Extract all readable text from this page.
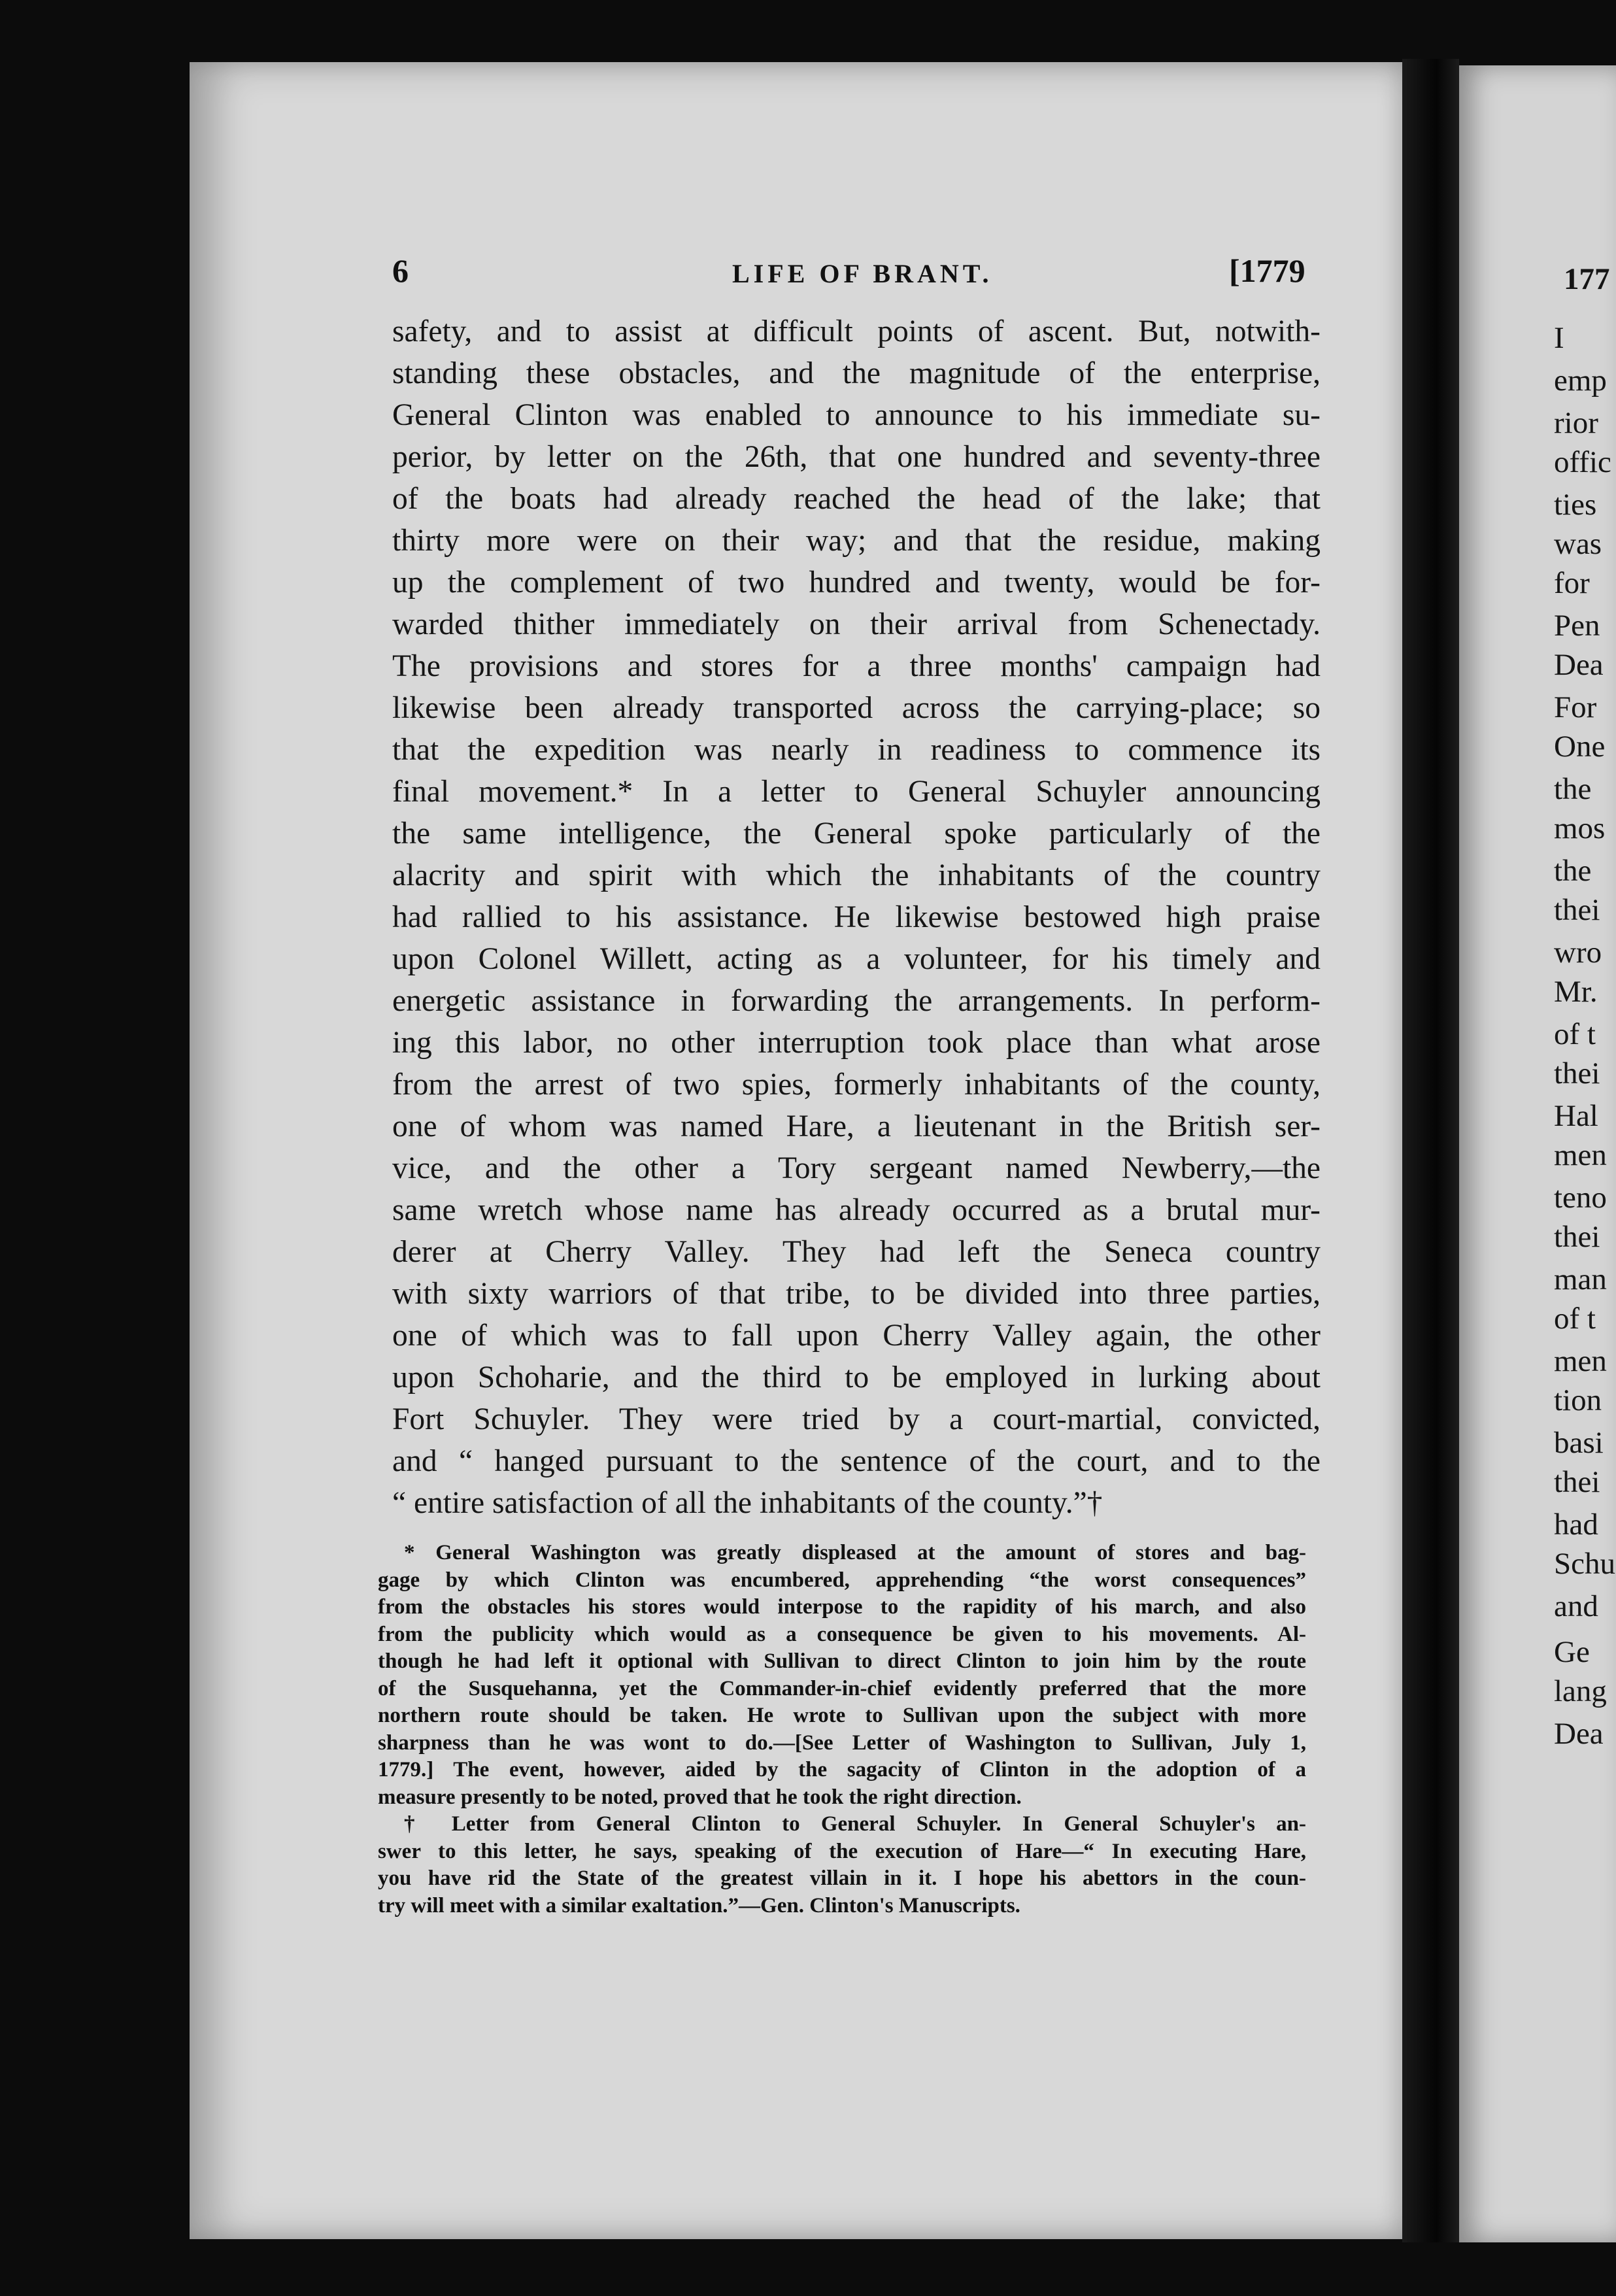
6	LIFE OF BRANT.	[1779
safety, and to assist at difficult points of ascent. But, notwith-
standing these obstacles, and the magnitude of the enterprise,
General Clinton was enabled to announce to his immediate su-
perior, by letter on the 26th, that one hundred and seventy-three
of the boats had already reached the head of the lake; that
thirty more were on their way; and that the residue, making
up the complement of two hundred and twenty, would be for-
warded thither immediately on their arrival from Schenectady.
The provisions and stores for a three months' campaign had
likewise been already transported across the carrying-place; so
that the expedition was nearly in readiness to commence its
final movement.* In a letter to General Schuyler announcing
the same intelligence, the General spoke particularly of the
alacrity and spirit with which the inhabitants of the country
had rallied to his assistance. He likewise bestowed high praise
upon Colonel Willett, acting as a volunteer, for his timely and
energetic assistance in forwarding the arrangements. In perform-
ing this labor, no other interruption took place than what arose
from the arrest of two spies, formerly inhabitants of the county,
one of whom was named Hare, a lieutenant in the British ser-
vice, and the other a Tory sergeant named Newberry,—the
same wretch whose name has already occurred as a brutal mur-
derer at Cherry Valley. They had left the Seneca country
with sixty warriors of that tribe, to be divided into three parties,
one of which was to fall upon Cherry Valley again, the other
upon Schoharie, and the third to be employed in lurking about
Fort Schuyler. They were tried by a court-martial, convicted,
and “ hanged pursuant to the sentence of the court, and to the
“ entire satisfaction of all the inhabitants of the county.”†
* General Washington was greatly displeased at the amount of stores and bag-
gage by which Clinton was encumbered, apprehending “the worst consequences”
from the obstacles his stores would interpose to the rapidity of his march, and also
from the publicity which would as a consequence be given to his movements. Al-
though he had left it optional with Sullivan to direct Clinton to join him by the route
of the Susquehanna, yet the Commander-in-chief evidently preferred that the more
northern route should be taken. He wrote to Sullivan upon the subject with more
sharpness than he was wont to do.—[See Letter of Washington to Sullivan, July 1,
1779.] The event, however, aided by the sagacity of Clinton in the adoption of a
measure presently to be noted, proved that he took the right direction.
† Letter from General Clinton to General Schuyler. In General Schuyler's an-
swer to this letter, he says, speaking of the execution of Hare—“ In executing Hare,
you have rid the State of the greatest villain in it. I hope his abettors in the coun-
try will meet with a similar exaltation.”—Gen. Clinton's Manuscripts.
177
I
emp
rior
offic
ties
was
for
Pen
Dea
For
One
the
mos
the
thei
wro
Mr.
of t
thei
Hal
men
teno
thei
man
of t
men
tion
basi
thei
had
Schu
and
Ge
lang
Dea
